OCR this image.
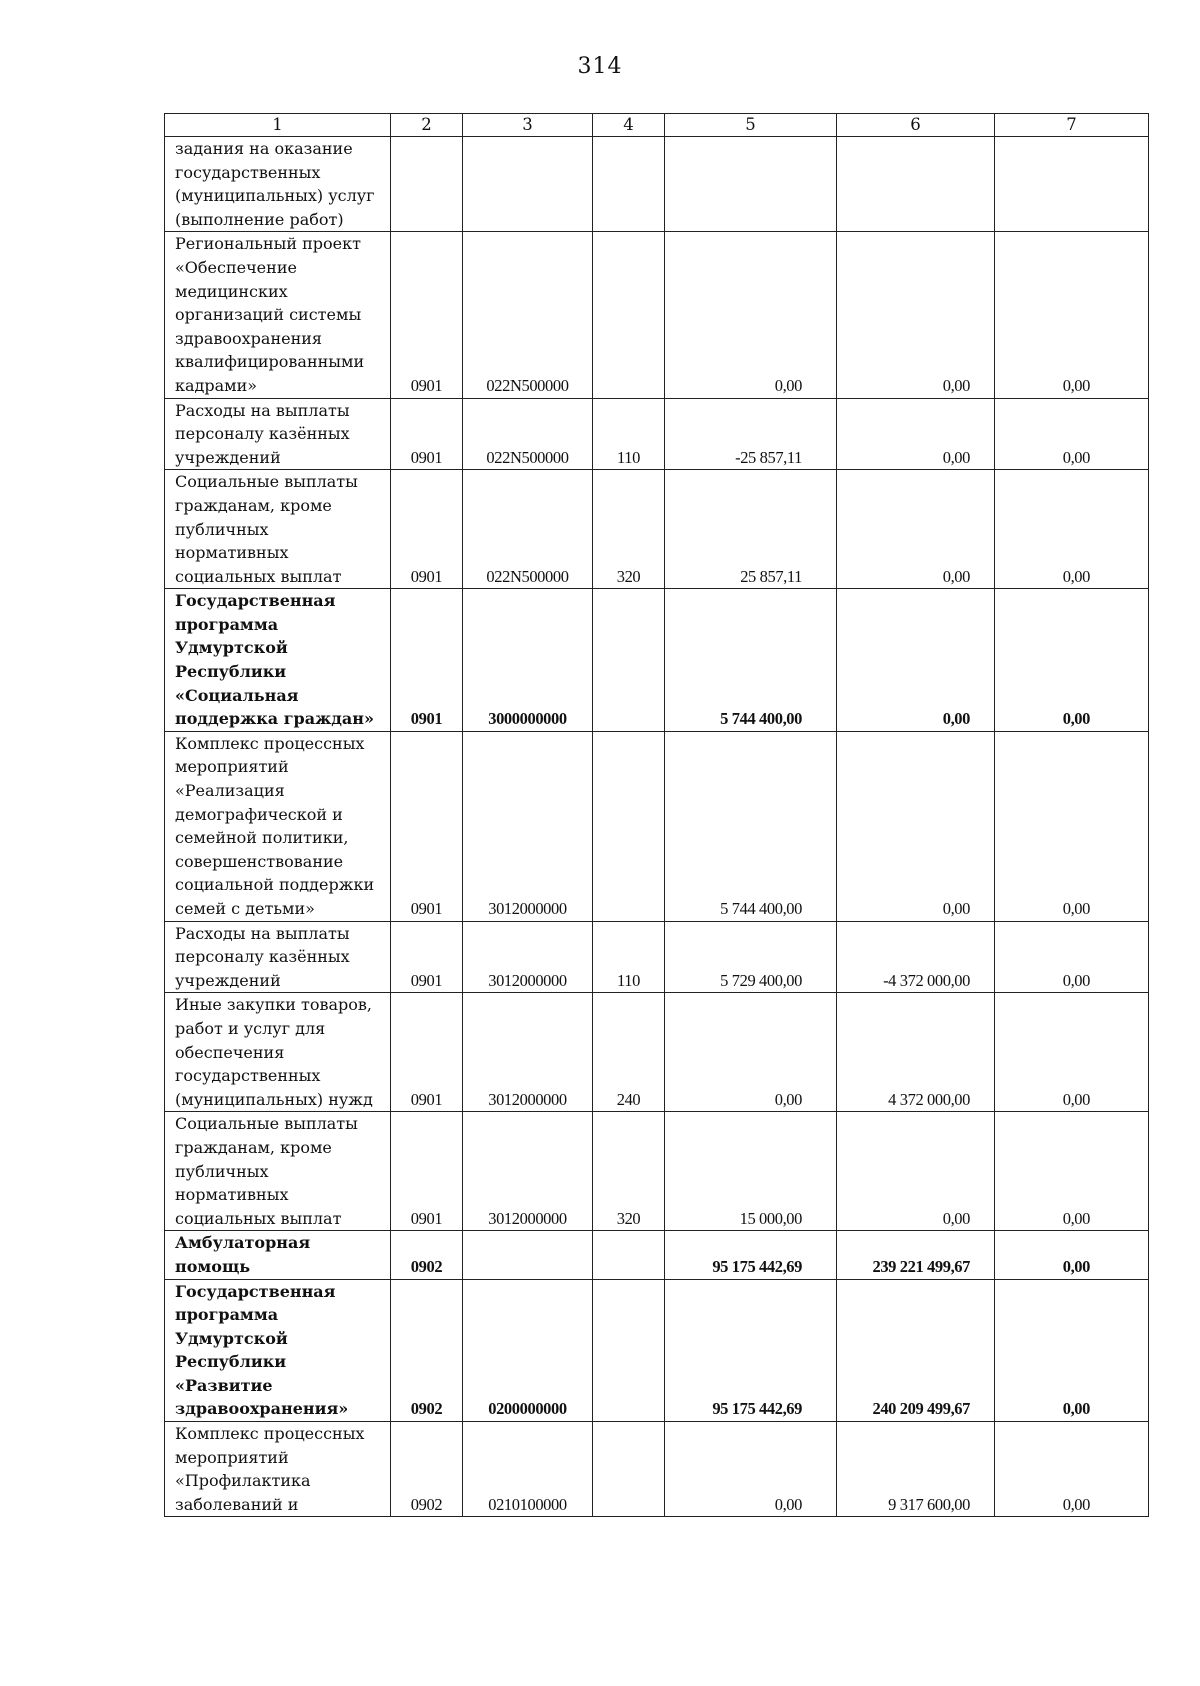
314
1	2	3	4	5	6	7
задания на оказание государственных (муниципальных) услуг (выполнение работ)						
Региональный проект «Обеспечение медицинских организаций системы здравоохранения квалифицированными кадрами»	0901	022N500000		0,00	0,00	0,00
Расходы на выплаты персоналу казённых учреждений	0901	022N500000	110	-25 857,11	0,00	0,00
Социальные выплаты гражданам, кроме публичных нормативных социальных выплат	0901	022N500000	320	25 857,11	0,00	0,00
Государственная программа Удмуртской Республики «Социальная поддержка граждан»	0901	3000000000		5 744 400,00	0,00	0,00
Комплекс процессных мероприятий «Реализация демографической и семейной политики, совершенствование социальной поддержки семей с детьми»	0901	3012000000		5 744 400,00	0,00	0,00
Расходы на выплаты персоналу казённых учреждений	0901	3012000000	110	5 729 400,00	-4 372 000,00	0,00
Иные закупки товаров, работ и услуг для обеспечения государственных (муниципальных) нужд	0901	3012000000	240	0,00	4 372 000,00	0,00
Социальные выплаты гражданам, кроме публичных нормативных социальных выплат	0901	3012000000	320	15 000,00	0,00	0,00
Амбулаторная помощь	0902			95 175 442,69	239 221 499,67	0,00
Государственная программа Удмуртской Республики «Развитие здравоохранения»	0902	0200000000		95 175 442,69	240 209 499,67	0,00
Комплекс процессных мероприятий «Профилактика заболеваний и	0902	0210100000		0,00	9 317 600,00	0,00
